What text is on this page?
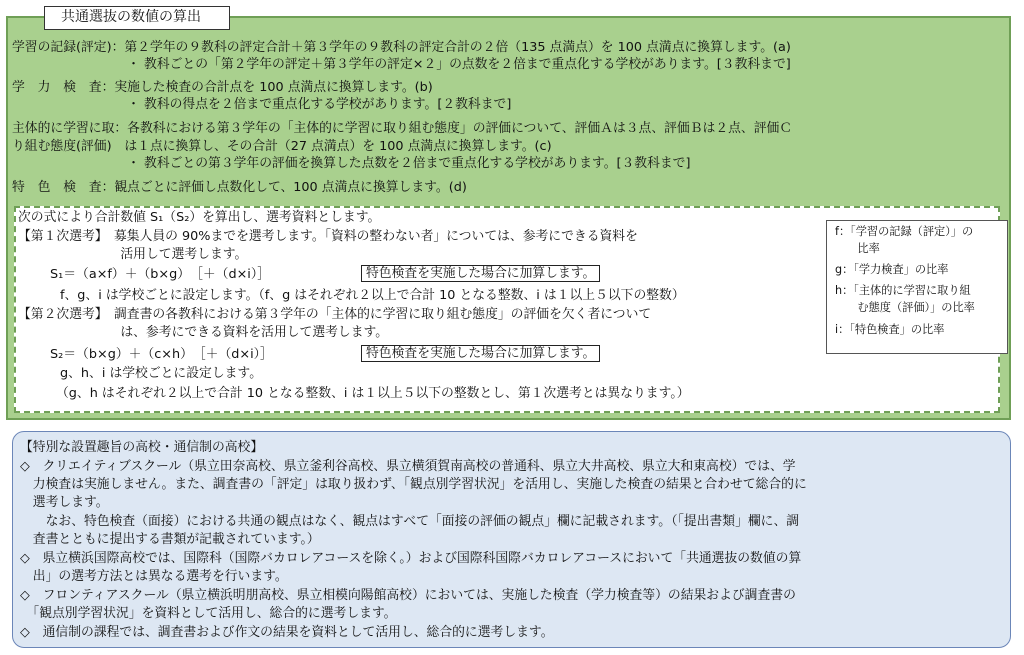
共通選抜の数値の算出
学習の記録(評定)：第２学年の９教科の評定合計＋第３学年の９教科の評定合計の２倍（135 点満点）を 100 点満点に換算します。(a)
　　　　　　　　　・ 教科ごとの「第２学年の評定＋第３学年の評定×２」の点数を２倍まで重点化する学校があります。[３教科まで]
学　力　検　査：実施した検査の合計点を 100 点満点に換算します。(b)
　　　　　　　　　・ 教科の得点を２倍まで重点化する学校があります。[２教科まで]
主体的に学習に取：各教科における第３学年の「主体的に学習に取り組む態度」の評価について、評価Ａは３点、評価Ｂは２点、評価Ｃ
り組む態度(評価)　は１点に換算し、その合計（27 点満点）を 100 点満点に換算します。(c)
　　　　　　　　　・ 教科ごとの第３学年の評価を換算した点数を２倍まで重点化する学校があります。[３教科まで]
特　色　検　査：観点ごとに評価し点数化して、100 点満点に換算します。(d)
次の式により合計数値 S₁（S₂）を算出し、選考資料とします。
【第１次選考】　募集人員の 90%までを選考します。「資料の整わない者」については、参考にできる資料を
　　　　　　　　活用して選考します。
S₁＝（a×f）＋（b×g）　［＋（d×i）］	特色検査を実施した場合に加算します。
f、g、i は学校ごとに設定します。（f、g はそれぞれ２以上で合計 10 となる整数、i は１以上５以下の整数）
【第２次選考】　調査書の各教科における第３学年の「主体的に学習に取り組む態度」の評価を欠く者について
　　　　　　　　は、参考にできる資料を活用して選考します。
S₂＝（b×g）＋（c×h）　［＋（d×i）］	特色検査を実施した場合に加算します。
g、h、i は学校ごとに設定します。
（g、h はそれぞれ２以上で合計 10 となる整数、i は１以上５以下の整数とし、第１次選考とは異なります。）
f：「学習の記録（評定）」の
　　比率
g：「学力検査」の比率
h：「主体的に学習に取り組
　　む態度（評価）」の比率
i：「特色検査」の比率
【特別な設置趣旨の高校・通信制の高校】
◇　クリエイティブスクール（県立田奈高校、県立釜利谷高校、県立横須賀南高校の普通科、県立大井高校、県立大和東高校）では、学
　力検査は実施しません。また、調査書の「評定」は取り扱わず、「観点別学習状況」を活用し、実施した検査の結果と合わせて総合的に
　選考します。
　　なお、特色検査（面接）における共通の観点はなく、観点はすべて「面接の評価の観点」欄に記載されます。（「提出書類」欄に、調
　査書とともに提出する書類が記載されています。）
◇　県立横浜国際高校では、国際科（国際バカロレアコースを除く。）および国際科国際バカロレアコースにおいて「共通選抜の数値の算
　出」の選考方法とは異なる選考を行います。
◇　フロンティアスクール（県立横浜明朋高校、県立相模向陽館高校）においては、実施した検査（学力検査等）の結果および調査書の
　「観点別学習状況」を資料として活用し、総合的に選考します。
◇　通信制の課程では、調査書および作文の結果を資料として活用し、総合的に選考します。
